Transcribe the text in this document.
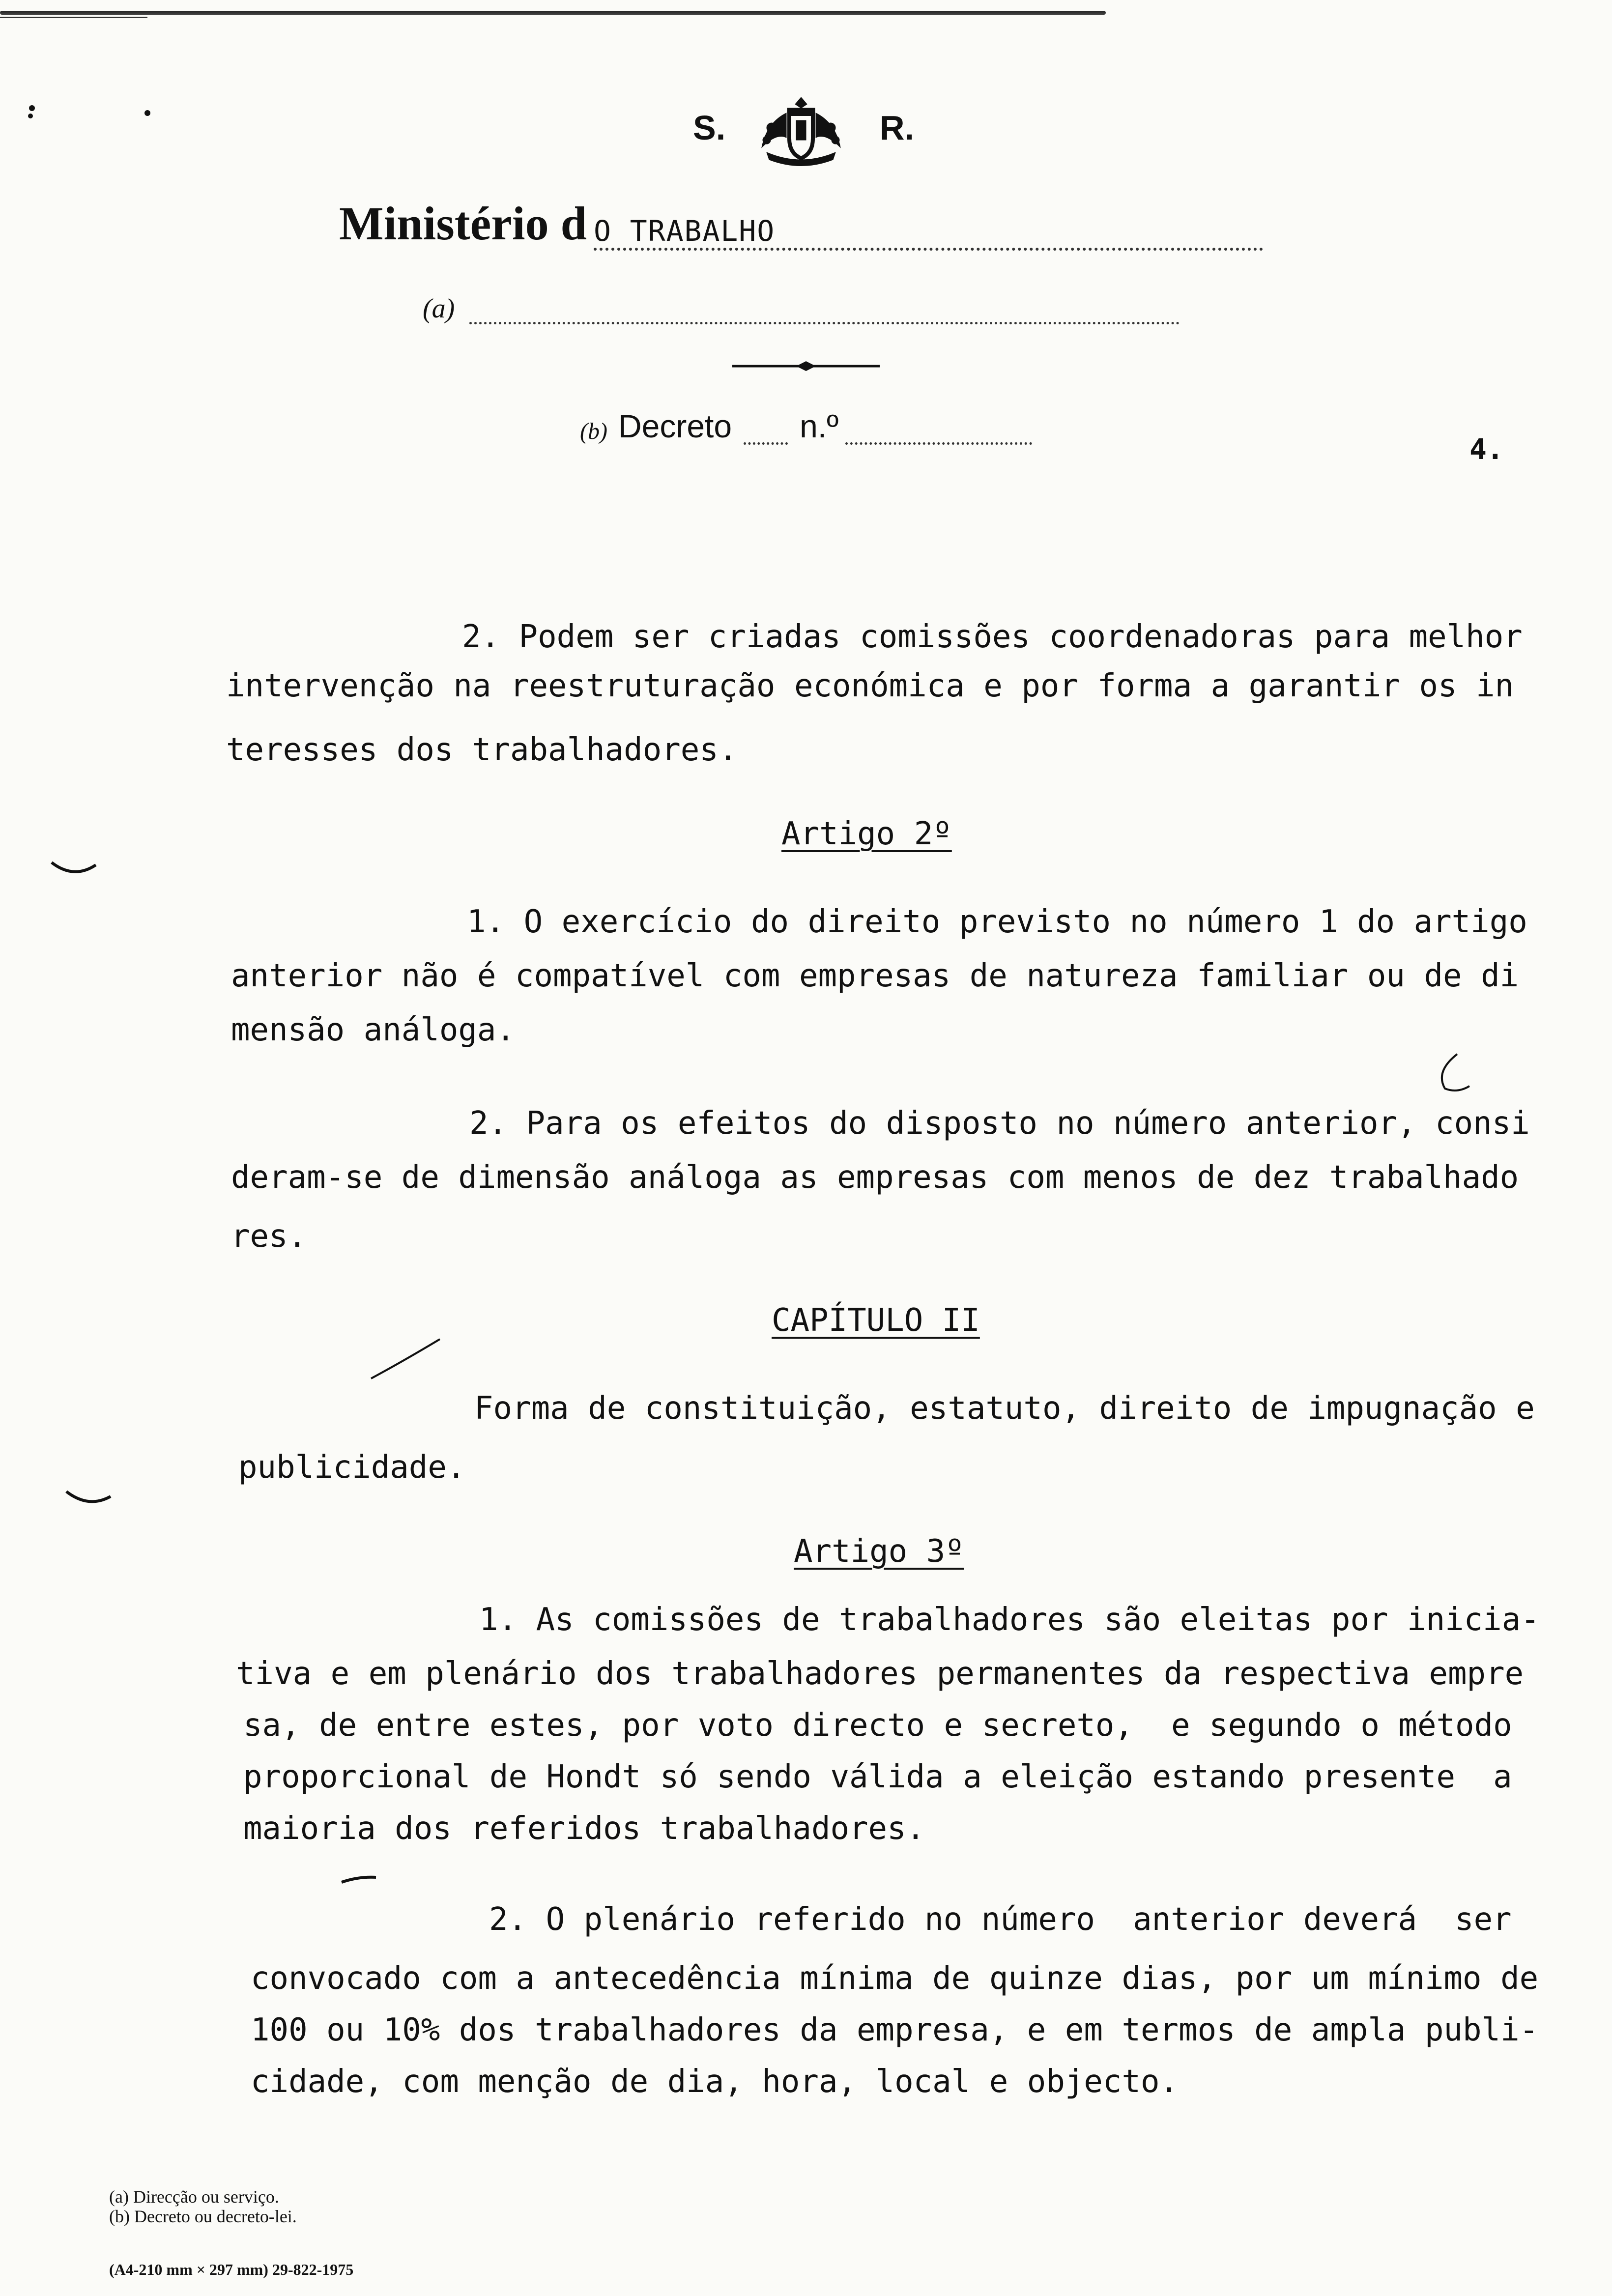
S.	R.
Ministério d O TRABALHO
(a)
(b) Decreto n.º
4.
2. Podem ser criadas comissões coordenadoras para melhor
intervenção na reestruturação económica e por forma a garantir os in
teresses dos trabalhadores.
Artigo 2º
1. O exercício do direito previsto no número 1 do artigo
anterior não é compatível com empresas de natureza familiar ou de di
mensão análoga.
2. Para os efeitos do disposto no número anterior, consi
deram-se de dimensão análoga as empresas com menos de dez trabalhado
res.
CAPÍTULO II
Forma de constituição, estatuto, direito de impugnação e
publicidade.
Artigo 3º
1. As comissões de trabalhadores são eleitas por inicia-
tiva e em plenário dos trabalhadores permanentes da respectiva empre
sa, de entre estes, por voto directo e secreto,  e segundo o método
proporcional de Hondt só sendo válida a eleição estando presente  a
maioria dos referidos trabalhadores.
2. O plenário referido no número  anterior deverá  ser
convocado com a antecedência mínima de quinze dias, por um mínimo de
100 ou 10% dos trabalhadores da empresa, e em termos de ampla publi-
cidade, com menção de dia, hora, local e objecto.
(a) Direcção ou serviço.
(b) Decreto ou decreto-lei.
(A4-210 mm × 297 mm) 29-822-1975
